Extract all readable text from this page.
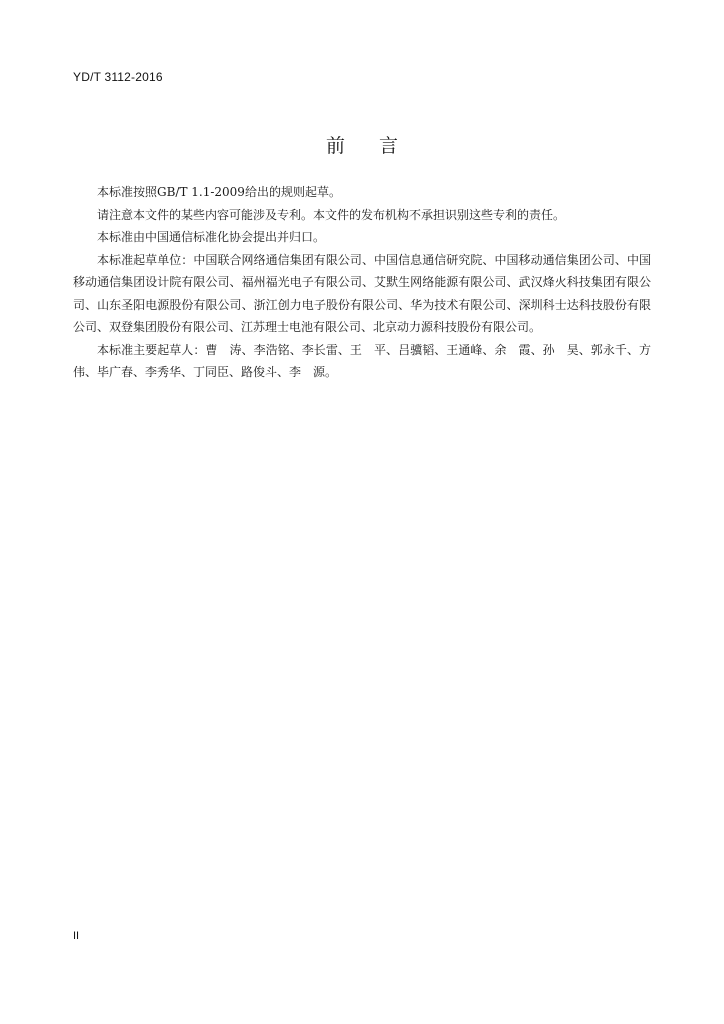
YD/T 3112-2016
前 言

本标准按照GB/T 1.1-2009给出的规则起草。

请注意本文件的某些内容可能涉及专利。本文件的发布机构不承担识别这些专利的责任。

本标准由中国通信标准化协会提出并归口。

本标准起草单位：中国联合网络通信集团有限公司、中国信息通信研究院、中国移动通信集团公司、中国移动通信集团设计院有限公司、福州福光电子有限公司、艾默生网络能源有限公司、武汉烽火科技集团有限公司、山东圣阳电源股份有限公司、浙江创力电子股份有限公司、华为技术有限公司、深圳科士达科技股份有限公司、双登集团股份有限公司、江苏理士电池有限公司、北京动力源科技股份有限公司。

本标准主要起草人：曹　涛、李浩铭、李长雷、王　平、吕骥韬、王通峰、余　霞、孙　昊、郭永千、方伟、毕广春、李秀华、丁同臣、路俊斗、李　源。

II
